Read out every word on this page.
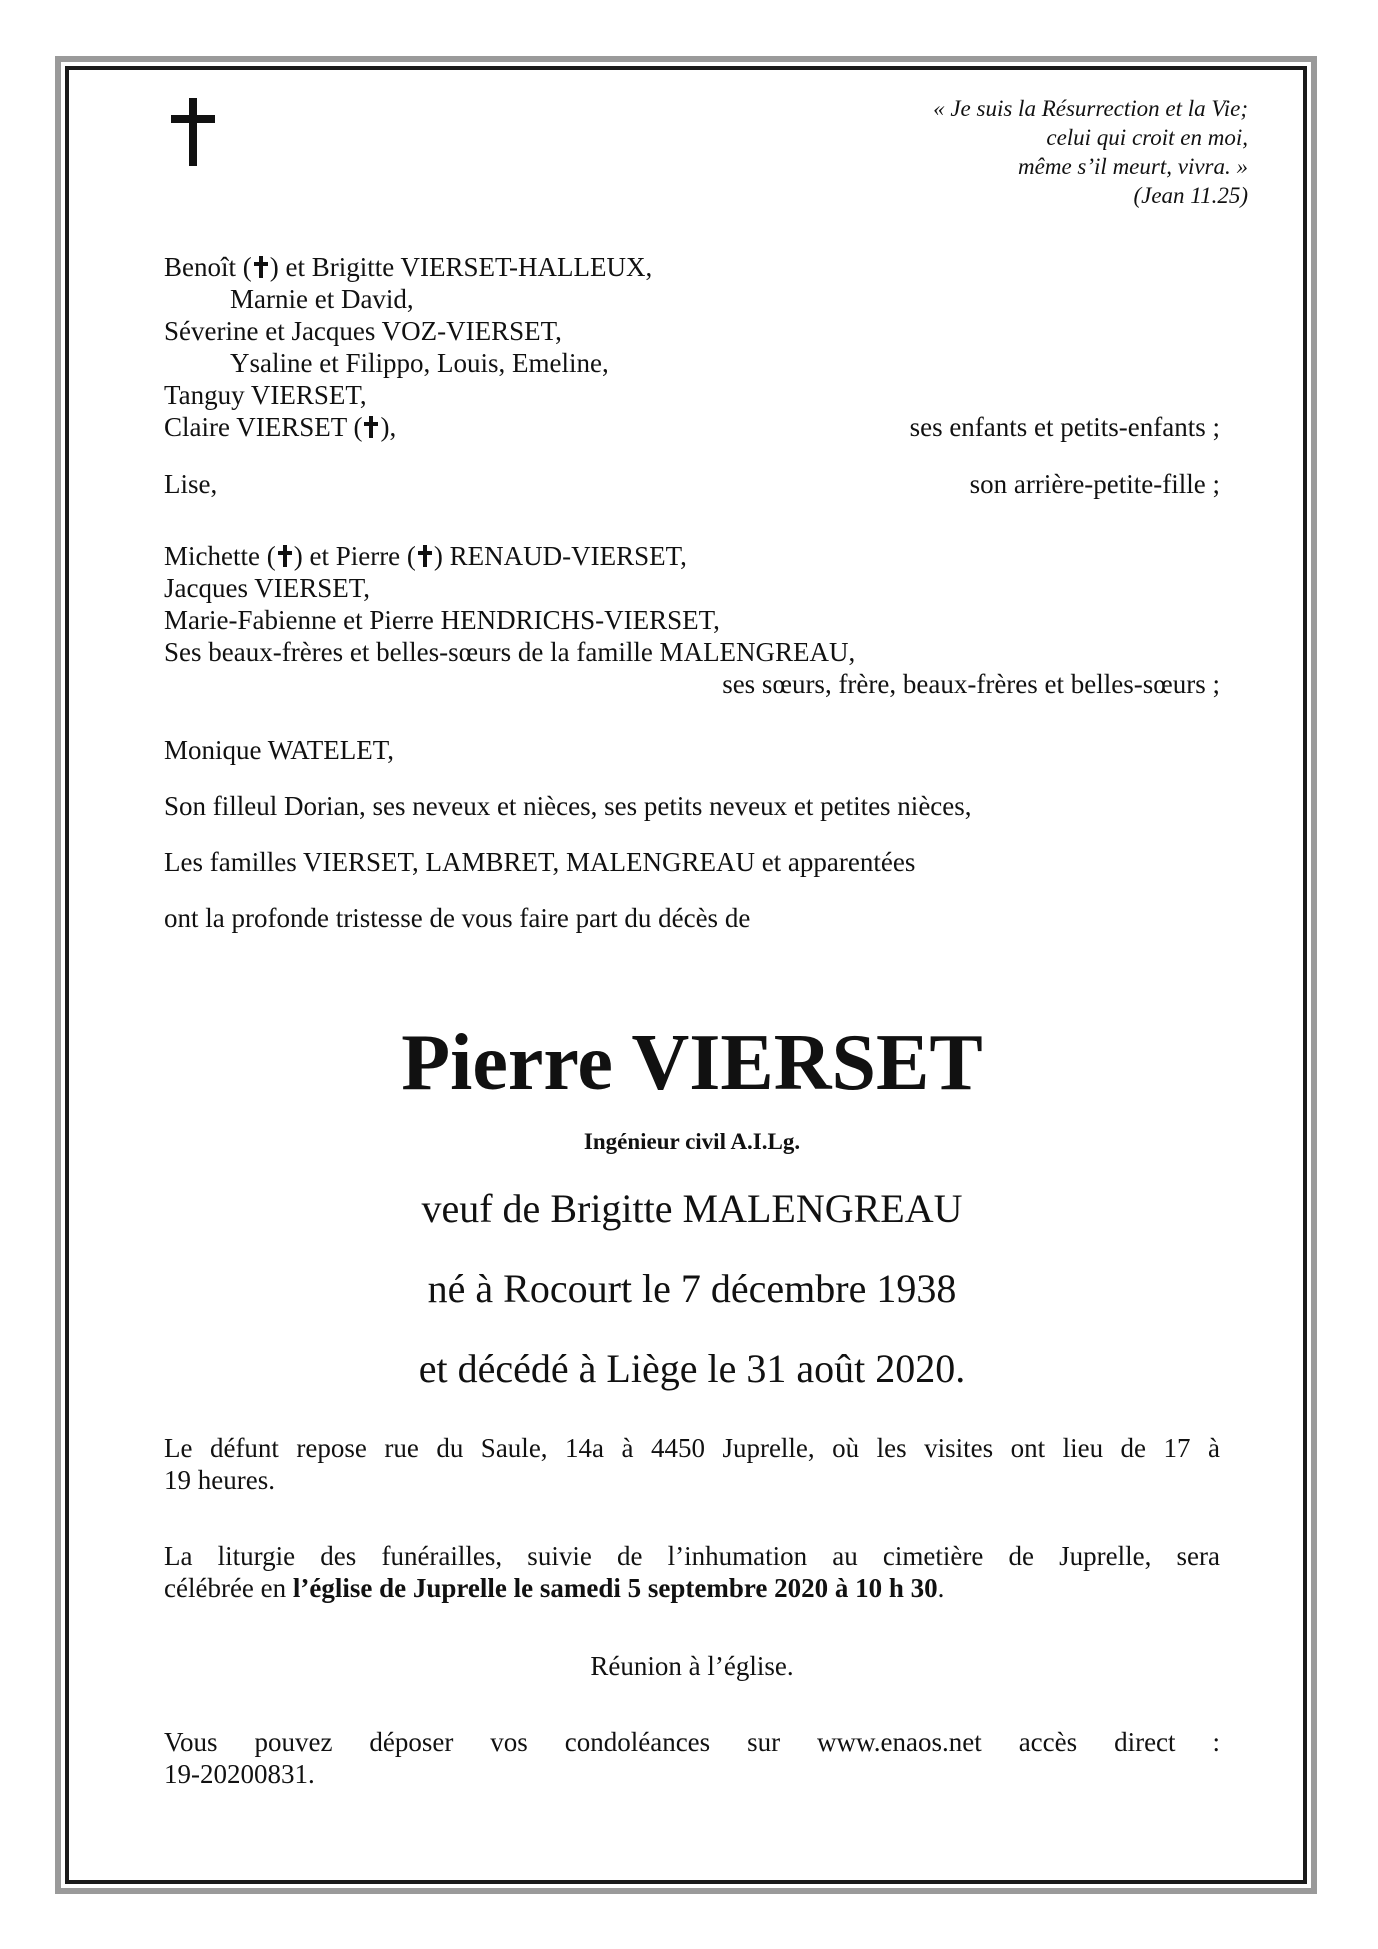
« Je suis la Résurrection et la Vie;
celui qui croit en moi,
même s’il meurt, vivra. »
(Jean 11.25)
Benoît ( ) et Brigitte VIERSET-HALLEUX,
Marnie et David,
Séverine et Jacques VOZ-VIERSET,
Ysaline et Filippo, Louis, Emeline,
Tanguy VIERSET,
Claire VIERSET ( ),	ses enfants et petits-enfants ;
Lise,	son arrière-petite-fille ;
Michette ( ) et Pierre ( ) RENAUD-VIERSET,
Jacques VIERSET,
Marie-Fabienne et Pierre HENDRICHS-VIERSET,
Ses beaux-frères et belles-sœurs de la famille MALENGREAU,
ses sœurs, frère, beaux-frères et belles-sœurs ;
Monique WATELET,
Son filleul Dorian, ses neveux et nièces, ses petits neveux et petites nièces,
Les familles VIERSET, LAMBRET, MALENGREAU et apparentées
ont la profonde tristesse de vous faire part du décès de
Pierre VIERSET
Ingénieur civil A.I.Lg.
veuf de Brigitte MALENGREAU
né à Rocourt le 7 décembre 1938
et décédé à Liège le 31 août 2020.
Le défunt repose rue du Saule, 14a à 4450 Juprelle, où les visites ont lieu de 17 à
19 heures.
La liturgie des funérailles, suivie de l’inhumation au cimetière de Juprelle, sera
célébrée en l’église de Juprelle le samedi 5 septembre 2020 à 10 h 30.
Réunion à l’église.
Vous pouvez déposer vos condoléances sur www.enaos.net accès direct :
19-20200831.
